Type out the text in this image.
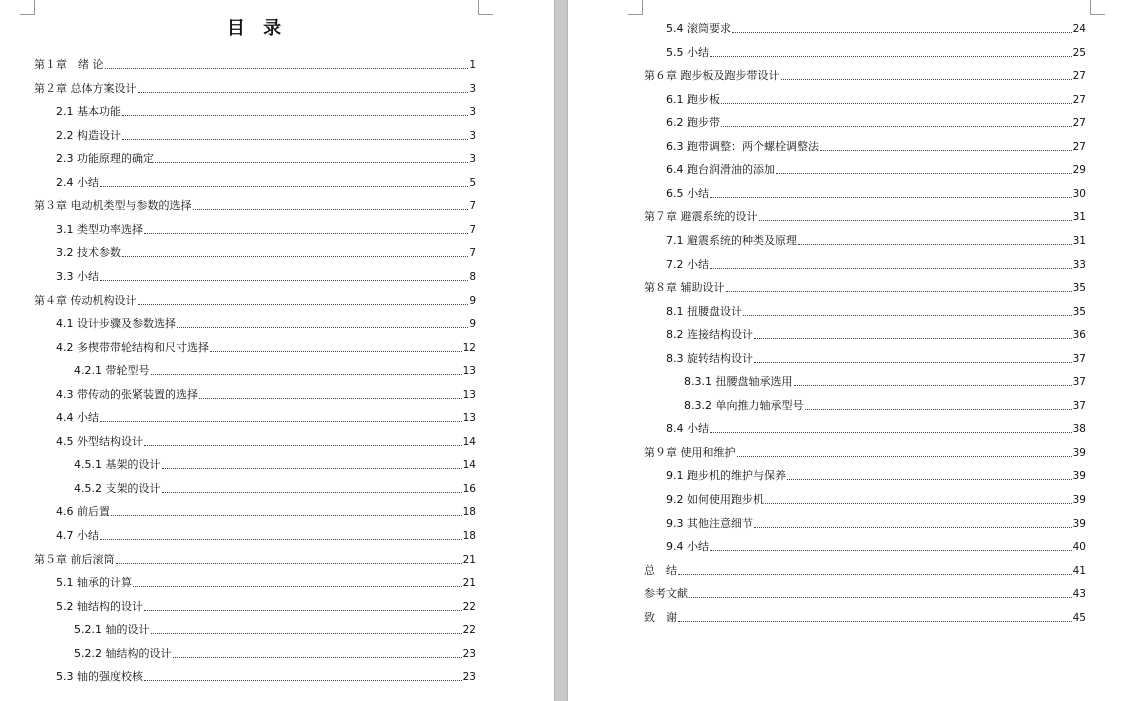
目 录
第１章　绪 论	1
第２章 总体方案设计	3
2.1 基本功能	3
2.2 构造设计	3
2.3 功能原理的确定	3
2.4 小结	5
第３章 电动机类型与参数的选择	7
3.1 类型功率选择	7
3.2 技术参数	7
3.3 小结	8
第４章 传动机构设计	9
4.1 设计步骤及参数选择	9
4.2 多楔带带轮结构和尺寸选择	12
4.2.1 带轮型号	13
4.3 带传动的张紧装置的选择	13
4.4 小结	13
4.5 外型结构设计	14
4.5.1 基架的设计	14
4.5.2 支架的设计	16
4.6 前后置	18
4.7 小结	18
第５章 前后滚筒	21
5.1 轴承的计算	21
5.2 轴结构的设计	22
5.2.1 轴的设计	22
5.2.2 轴结构的设计	23
5.3 轴的强度校核	23
5.4 滚筒要求	24
5.5 小结	25
第６章 跑步板及跑步带设计	27
6.1 跑步板	27
6.2 跑步带	27
6.3 跑带调整：两个螺栓调整法	27
6.4 跑台润滑油的添加	29
6.5 小结	30
第７章 避震系统的设计	31
7.1 避震系统的种类及原理	31
7.2 小结	33
第８章 辅助设计	35
8.1 扭腰盘设计	35
8.2 连接结构设计	36
8.3 旋转结构设计	37
8.3.1 扭腰盘轴承选用	37
8.3.2 单向推力轴承型号	37
8.4 小结	38
第９章 使用和维护	39
9.1 跑步机的维护与保养	39
9.2 如何使用跑步机	39
9.3 其他注意细节	39
9.4 小结	40
总　结	41
参考文献	43
致　谢	45
